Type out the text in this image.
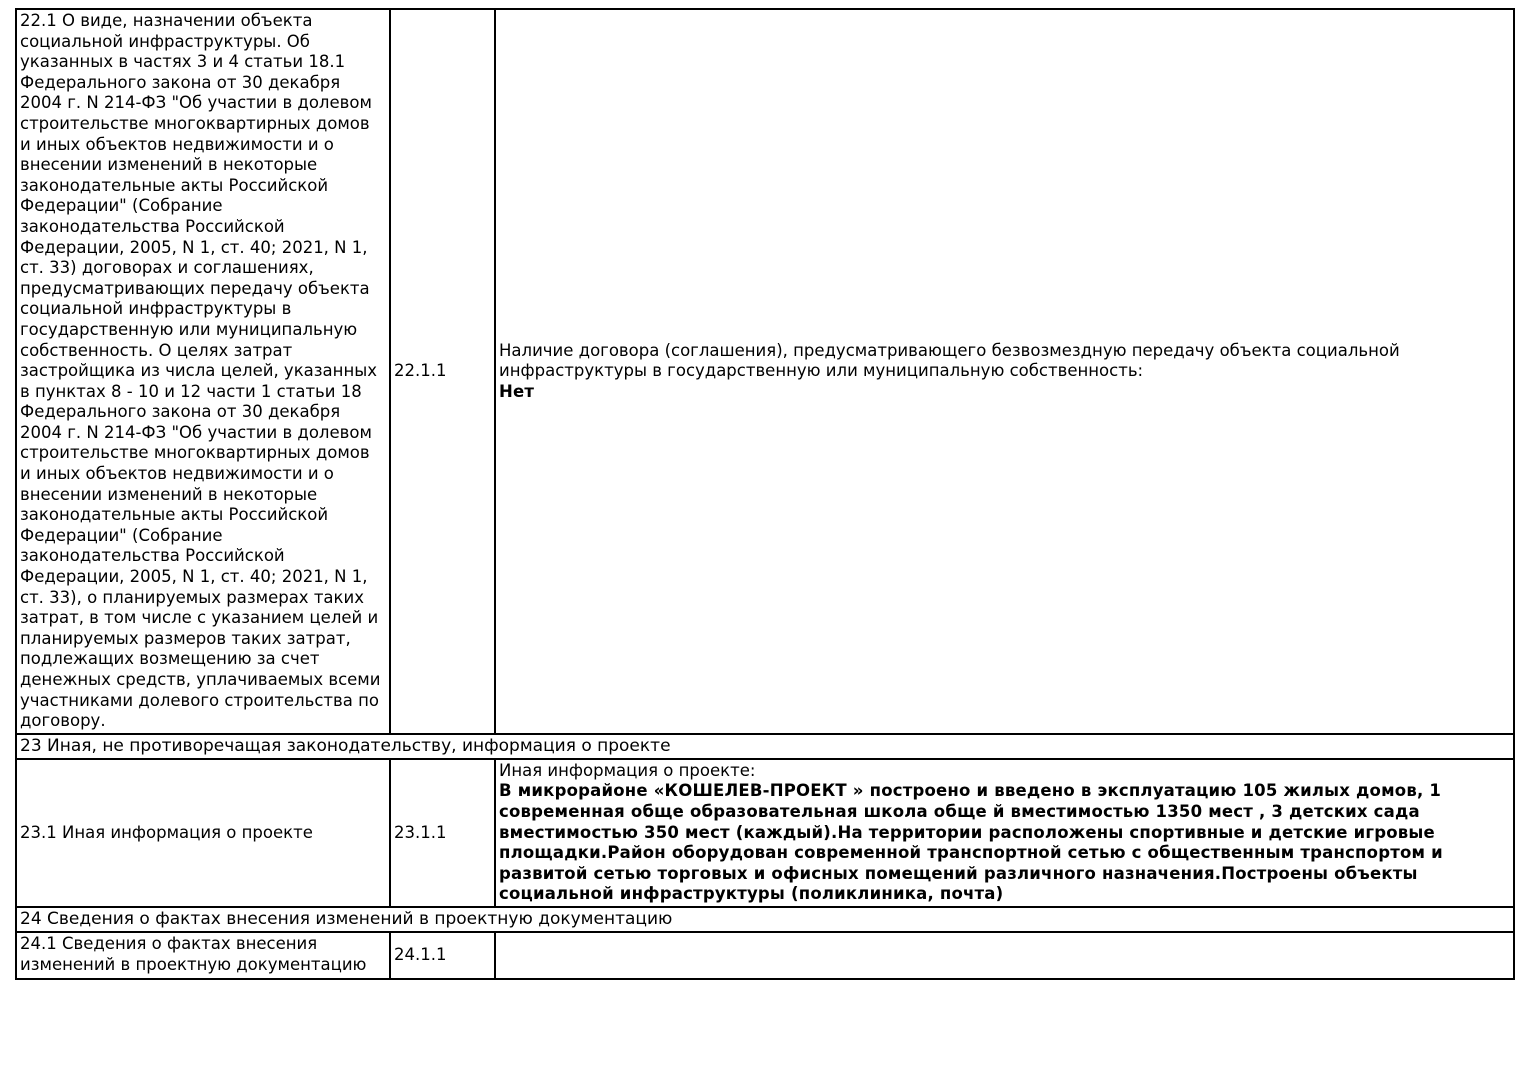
22.1 О виде, назначении объекта социальной инфраструктуры. Об указанных в частях 3 и 4 статьи 18.1 Федерального закона от 30 декабря 2004 г. N 214-ФЗ "Об участии в долевом строительстве многоквартирных домов и иных объектов недвижимости и о внесении изменений в некоторые законодательные акты Российской Федерации" (Собрание законодательства Российской Федерации, 2005, N 1, ст. 40; 2021, N 1, ст. 33) договорах и соглашениях, предусматривающих передачу объекта социальной инфраструктуры в государственную или муниципальную собственность. О целях затрат застройщика из числа целей, указанных в пунктах 8 - 10 и 12 части 1 статьи 18 Федерального закона от 30 декабря 2004 г. N 214-ФЗ "Об участии в долевом строительстве многоквартирных домов и иных объектов недвижимости и о внесении изменений в некоторые законодательные акты Российской Федерации" (Собрание законодательства Российской Федерации, 2005, N 1, ст. 40; 2021, N 1, ст. 33), о планируемых размерах таких затрат, в том числе с указанием целей и планируемых размеров таких затрат, подлежащих возмещению за счет денежных средств, уплачиваемых всеми участниками долевого строительства по договору.	22.1.1	Наличие договора (соглашения), предусматривающего безвозмездную передачу объекта социальной инфраструктуры в государственную или муниципальную собственность:
Нет

23 Иная, не противоречащая законодательству, информация о проекте		
23.1 Иная информация о проекте	23.1.1	Иная информация о проекте:
В микрорайоне «КОШЕЛЕВ-ПРОЕКТ » построено и введено в эксплуатацию 105 жилых домов, 1 современная обще образовательная школа обще й вместимостью 1350 мест , 3 детских сада вместимостью 350 мест (каждый).На территории расположены спортивные и детские игровые площадки.Район оборудован современной транспортной сетью с общественным транспортом и развитой сетью торговых и офисных помещений различного назначения.Построены объекты социальной инфраструктуры (поликлиника, почта)

24 Сведения о фактах внесения изменений в проектную документацию		
24.1 Сведения о фактах внесения изменений в проектную документацию	24.1.1	
